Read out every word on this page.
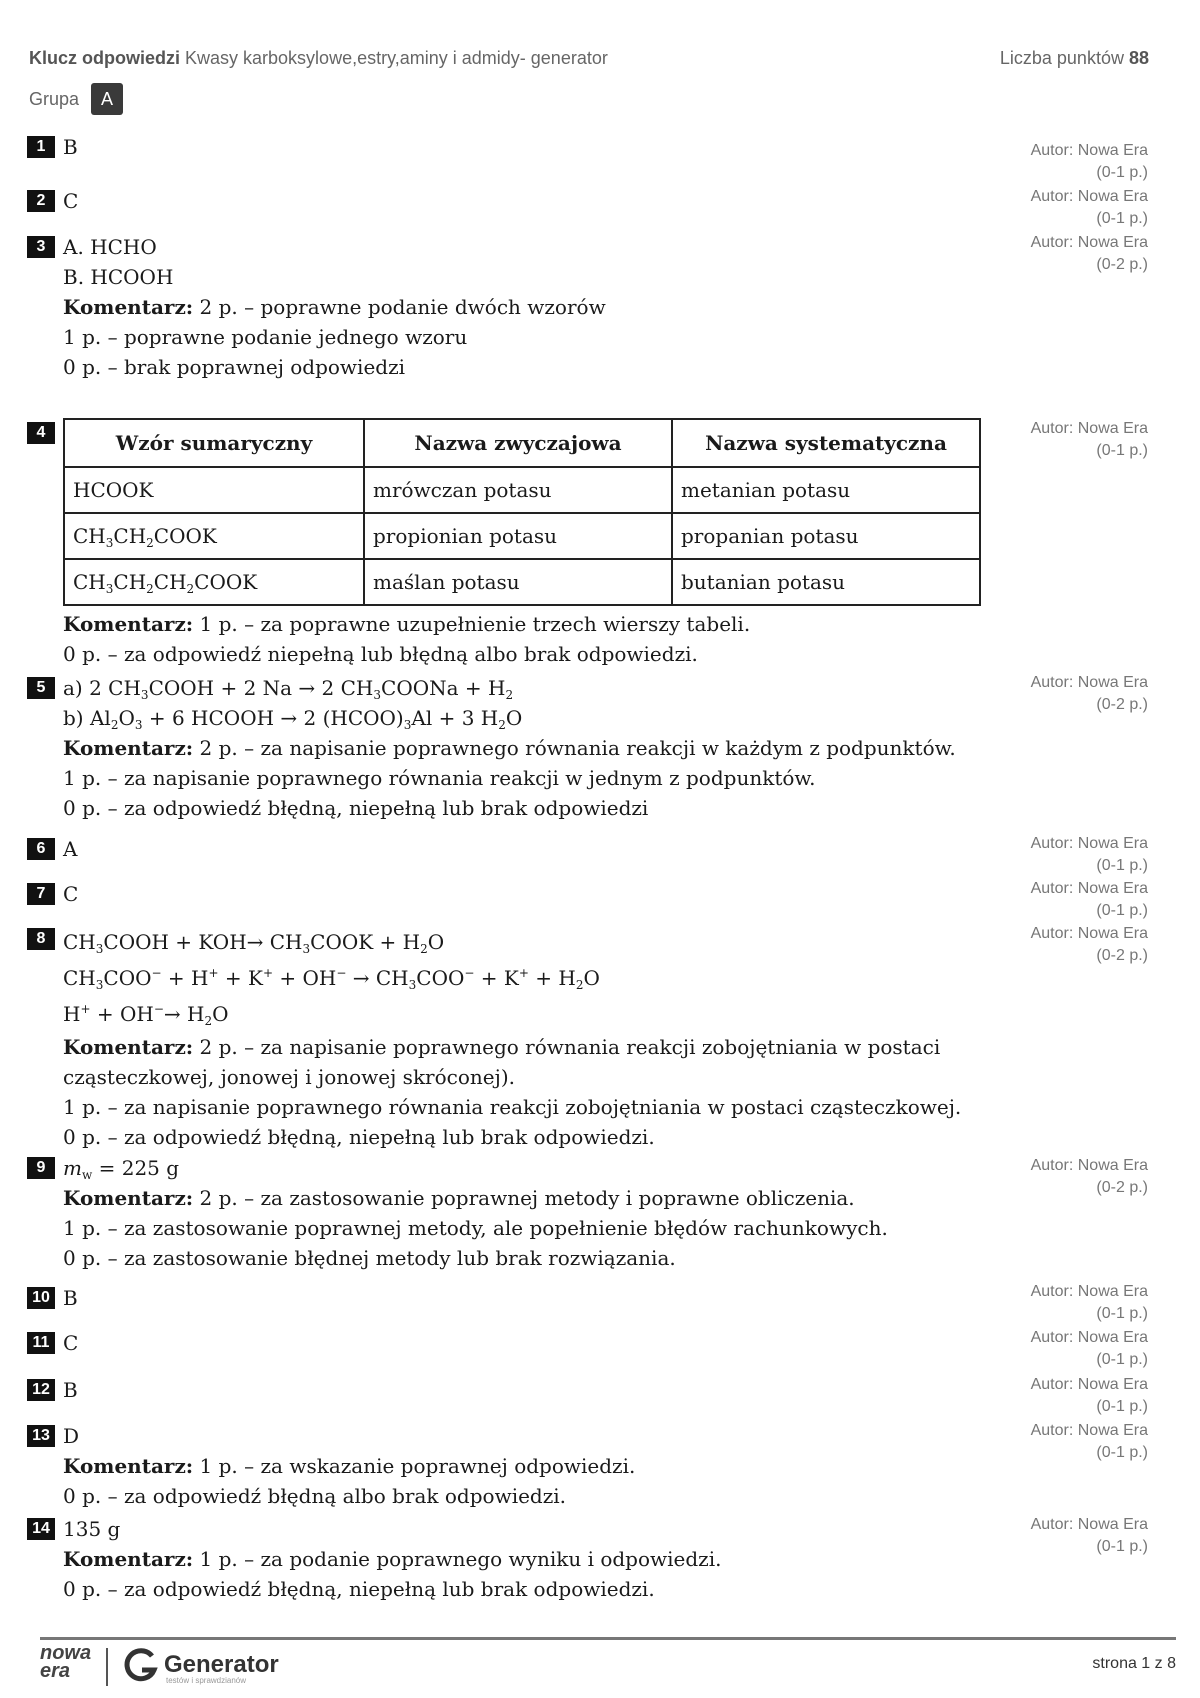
Klucz odpowiedzi Kwasy karboksylowe,estry,aminy i admidy- generator	Liczba punktów 88
Grupa	A
1 B	Autor: Nowa Era
(0-1 p.)
2 C	Autor: Nowa Era
(0-1 p.)
3 A. HCHO
B. HCOOH
Komentarz: 2 p. – poprawne podanie dwóch wzorów
1 p. – poprawne podanie jednego wzoru
0 p. – brak poprawnej odpowiedzi
Autor: Nowa Era
(0-2 p.)
4	Wzór sumaryczny	Nazwa zwyczajowa	Nazwa systematyczna
HCOOK	mrówczan potasu	metanian potasu
$CH_3CH_2COOK$	propionian potasu	propanian potasu
$CH_3CH_2CH_2COOK$	maślan potasu	butanian potasu
Komentarz: 1 p. – za poprawne uzupełnienie trzech wierszy tabeli.
0 p. – za odpowiedź niepełną lub błędną albo brak odpowiedzi.
Autor: Nowa Era
(0-1 p.)
5 a) 2 $CH_3COOH + 2$ Na → 2 $CH_3COONa + H_2$
b) $Al_2O_3 + 6$ HCOOH → 2 $(HCOO)_3Al + 3$ $H_2O$
Komentarz: 2 p. – za napisanie poprawnego równania reakcji w każdym z podpunktów.
1 p. – za napisanie poprawnego równania reakcji w jednym z podpunktów.
0 p. – za odpowiedź błędną, niepełną lub brak odpowiedzi
Autor: Nowa Era
(0-2 p.)
6 A	Autor: Nowa Era
(0-1 p.)
7 C	Autor: Nowa Era
(0-1 p.)
8 $CH_3COOH + KOH\to$ $CH_3COOK + H_2O$
$CH_3COO^- + H^+ + K^+ + OH^- \to CH_3COO^- + K^+ + H_2O$
$H^+ + OH^-\to H_2O$
Komentarz: 2 p. – za napisanie poprawnego równania reakcji zobojętniania w postaci
cząsteczkowej, jonowej i jonowej skróconej).
1 p. – za napisanie poprawnego równania reakcji zobojętniania w postaci cząsteczkowej.
0 p. – za odpowiedź błędną, niepełną lub brak odpowiedzi.
Autor: Nowa Era
(0-2 p.)
9 $m_w = 225$ g
Komentarz: 2 p. – za zastosowanie poprawnej metody i poprawne obliczenia.
1 p. – za zastosowanie poprawnej metody, ale popełnienie błędów rachunkowych.
0 p. – za zastosowanie błędnej metody lub brak rozwiązania.
Autor: Nowa Era
(0-2 p.)
10 B	Autor: Nowa Era
(0-1 p.)
11 C	Autor: Nowa Era
(0-1 p.)
12 B	Autor: Nowa Era
(0-1 p.)
13 D
Komentarz: 1 p. – za wskazanie poprawnej odpowiedzi.
0 p. – za odpowiedź błędną albo brak odpowiedzi.
Autor: Nowa Era
(0-1 p.)
14 135 g
Komentarz: 1 p. – za podanie poprawnego wyniku i odpowiedzi.
0 p. – za odpowiedź błędną, niepełną lub brak odpowiedzi.
Autor: Nowa Era
(0-1 p.)
nowa
era	Generator
testów i sprawdzianów
strona 1 z 8
